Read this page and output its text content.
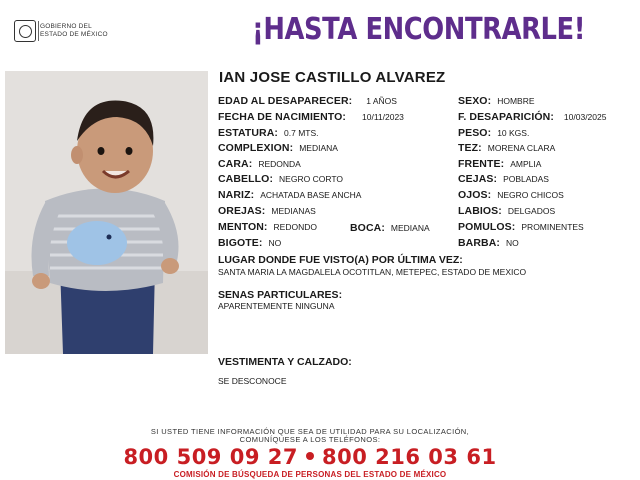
GOBIERNO DEL
ESTADO DE MÉXICO	¡HASTA ENCONTRARLE!
IAN JOSE CASTILLO ALVAREZ
EDAD AL DESAPARECER: 1 AÑOS
FECHA DE NACIMIENTO: 10/11/2023
ESTATURA: 0.7 MTS.
COMPLEXION: MEDIANA
CARA: REDONDA
CABELLO: NEGRO CORTO
NARIZ: ACHATADA BASE ANCHA
OREJAS: MEDIANAS
MENTON: REDONDO	BOCA: MEDIANA
BIGOTE: NO
SEXO: HOMBRE
F. DESAPARICIÓN: 10/03/2025
PESO: 10 KGS.
TEZ: MORENA CLARA
FRENTE: AMPLIA
CEJAS: POBLADAS
OJOS: NEGRO CHICOS
LABIOS: DELGADOS
POMULOS: PROMINENTES
BARBA: NO
LUGAR DONDE FUE VISTO(A) POR ÚLTIMA VEZ:
SANTA MARIA LA MAGDALELA OCOTITLAN, METEPEC, ESTADO DE MEXICO
SENAS PARTICULARES:
APARENTEMENTE NINGUNA
VESTIMENTA Y CALZADO:
SE DESCONOCE
SI USTED TIENE INFORMACIÓN QUE SEA DE UTILIDAD PARA SU LOCALIZACIÓN,
COMUNÍQUESE A LOS TELÉFONOS:
800 509 09 27 800 216 03 61
COMISIÓN DE BÚSQUEDA DE PERSONAS DEL ESTADO DE MÉXICO
